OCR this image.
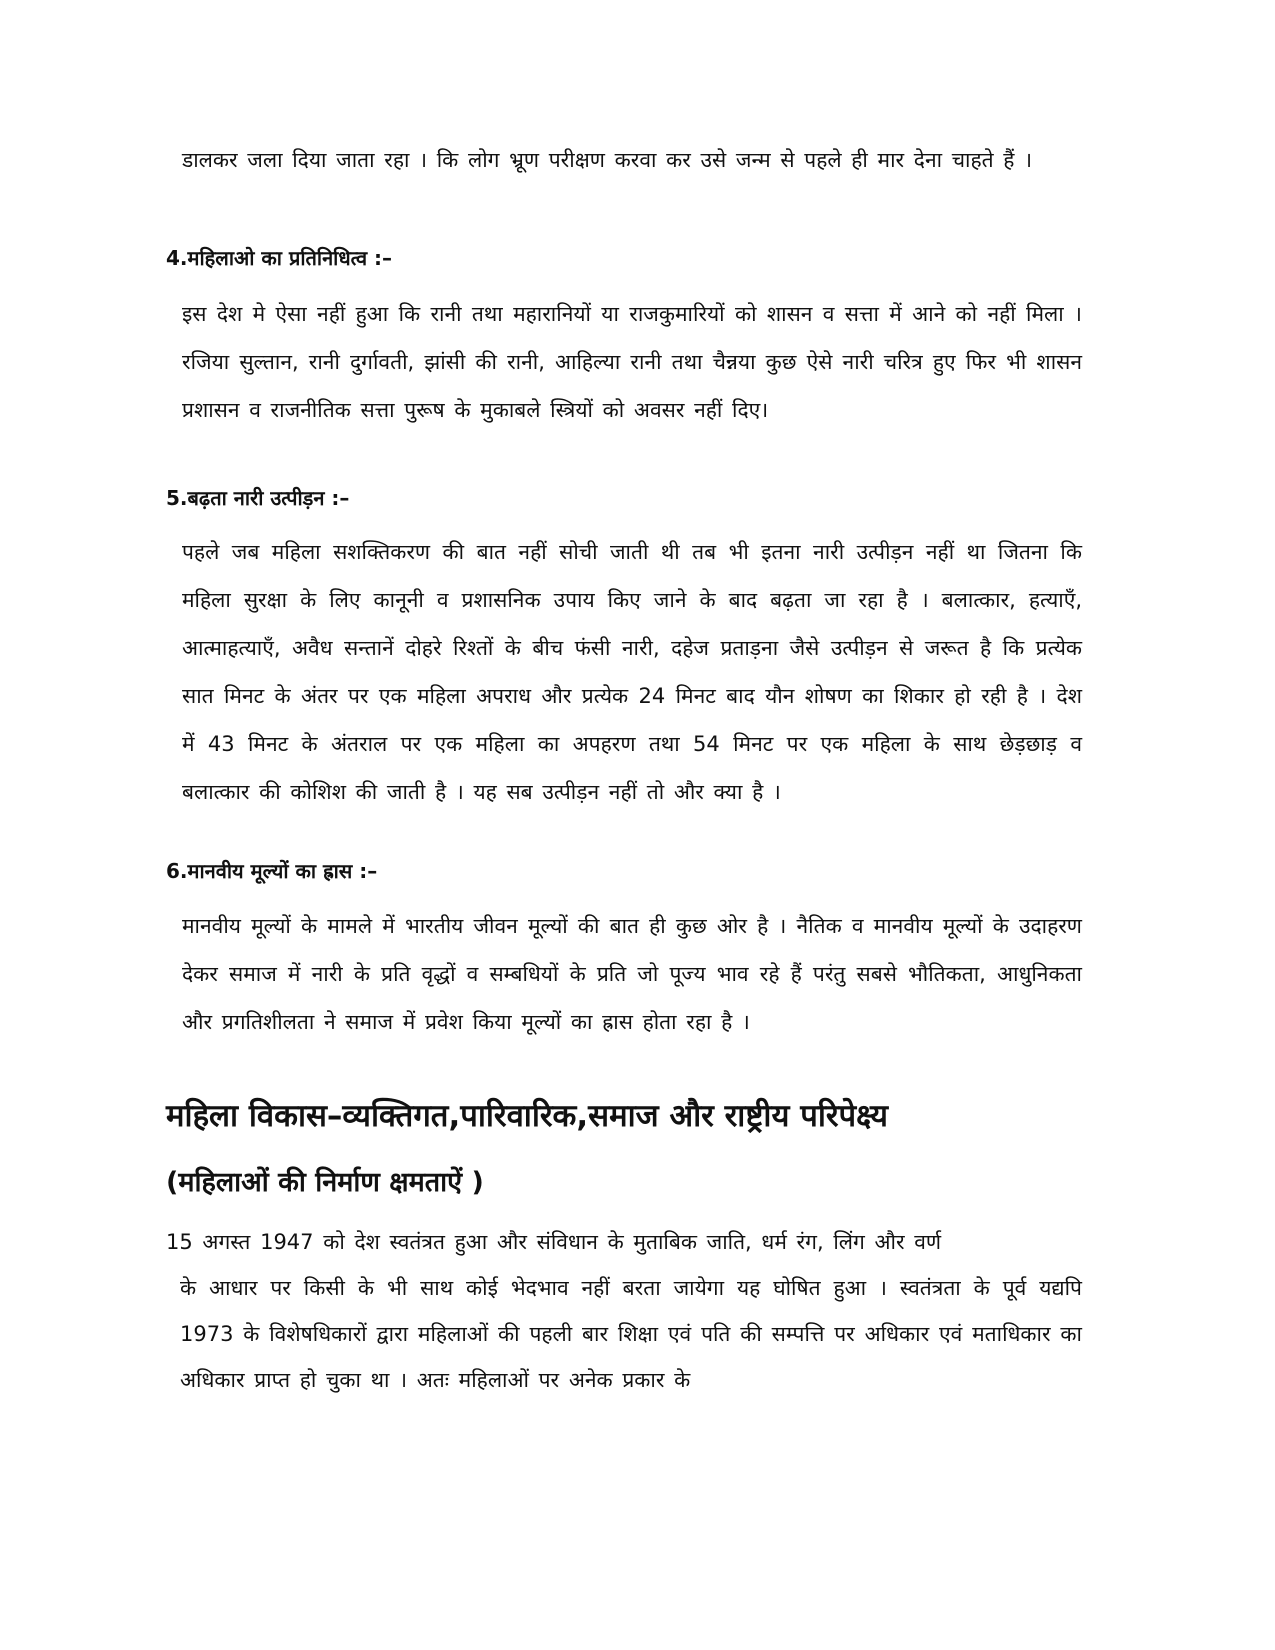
डालकर जला दिया जाता रहा । कि लोग भ्रूण परीक्षण करवा कर उसे जन्म से पहले ही मार देना चाहते हैं ।
4.महिलाओ का प्रतिनिधित्व :–
इस देश मे ऐसा नहीं हुआ कि रानी तथा महारानियों या राजकुमारियों को शासन व सत्ता में आने को नहीं मिला । रजिया सुल्तान, रानी दुर्गावती, झांसी की रानी, आहिल्या रानी तथा चैन्नया कुछ ऐसे नारी चरित्र हुए फिर भी शासन प्रशासन व राजनीतिक सत्ता पुरूष के मुकाबले स्त्रियों को अवसर नहीं दिए।
5.बढ़ता नारी उत्पीड़न :–
पहले जब महिला सशक्तिकरण की बात नहीं सोची जाती थी तब भी इतना नारी उत्पीड़न नहीं था जितना कि महिला सुरक्षा के लिए कानूनी व प्रशासनिक उपाय किए जाने के बाद बढ़ता जा रहा है । बलात्कार, हत्याएँ, आत्माहत्याएँ, अवैध सन्तानें दोहरे रिश्तों के बीच फंसी नारी, दहेज प्रताड़ना जैसे उत्पीड़न से जरूत है कि प्रत्येक सात मिनट के अंतर पर एक महिला अपराध और प्रत्येक 24 मिनट बाद यौन शोषण का शिकार हो रही है । देश में 43 मिनट के अंतराल पर एक महिला का अपहरण तथा 54 मिनट पर एक महिला के साथ छेड़छाड़ व बलात्कार की कोशिश की जाती है । यह सब उत्पीड़न नहीं तो और क्या है ।
6.मानवीय मूल्यों का ह्रास :–
मानवीय मूल्यों के मामले में भारतीय जीवन मूल्यों की बात ही कुछ ओर है । नैतिक व मानवीय मूल्यों के उदाहरण देकर समाज में नारी के प्रति वृद्धों व सम्बधियों के प्रति जो पूज्य भाव रहे हैं परंतु सबसे भौतिकता, आधुनिकता और प्रगतिशीलता ने समाज में प्रवेश किया मूल्यों का ह्रास होता रहा है ।
महिला विकास–व्यक्तिगत,पारिवारिक,समाज और राष्ट्रीय परिपेक्ष्य
(महिलाओं की निर्माण क्षमताऐं )
15 अगस्त 1947 को देश स्वतंत्रत हुआ और संविधान के मुताबिक जाति, धर्म रंग, लिंग और वर्ण
के आधार पर किसी के भी साथ कोई भेदभाव नहीं बरता जायेगा यह घोषित हुआ । स्वतंत्रता के पूर्व यद्यपि 1973 के विशेषधिकारों द्वारा महिलाओं की पहली बार शिक्षा एवं पति की सम्पत्ति पर अधिकार एवं मताधिकार का अधिकार प्राप्त हो चुका था । अतः महिलाओं पर अनेक प्रकार के
